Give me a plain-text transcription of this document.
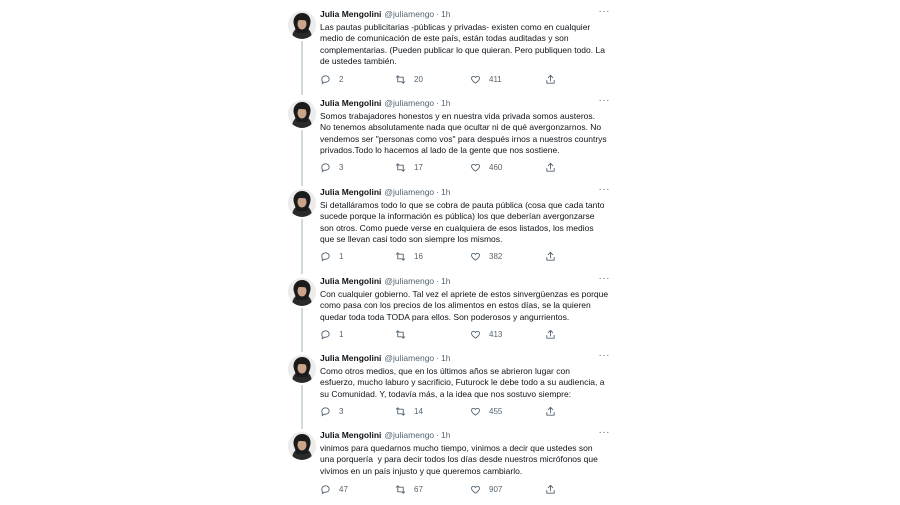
Julia Mengolini @juliamengo · 1h	···
Las pautas publicitarias -públicas y privadas- existen como en cualquier
medio de comunicación de este país, están todas auditadas y son
complementarias. (Pueden publicar lo que quieran. Pero publiquen todo. La
de ustedes también.
2	20	411
Julia Mengolini @juliamengo · 1h	···
Somos trabajadores honestos y en nuestra vida privada somos austeros.
No tenemos absolutamente nada que ocultar ni de qué avergonzarnos. No
vendemos ser "personas como vos" para después irnos a nuestros countrys
privados.Todo lo hacemos al lado de la gente que nos sostiene.
3	17	460
Julia Mengolini @juliamengo · 1h	···
Si detalláramos todo lo que se cobra de pauta pública (cosa que cada tanto
sucede porque la información es pública) los que deberían avergonzarse
son otros. Como puede verse en cualquiera de esos listados, los medios
que se llevan casi todo son siempre los mismos.
1	16	382
Julia Mengolini @juliamengo · 1h	···
Con cualquier gobierno. Tal vez el apriete de estos sinvergüenzas es porque
como pasa con los precios de los alimentos en estos días, se la quieren
quedar toda toda TODA para ellos. Son poderosos y angurrientos.
1	413
Julia Mengolini @juliamengo · 1h	···
Como otros medios, que en los últimos años se abrieron lugar con
esfuerzo, mucho laburo y sacrificio, Futurock le debe todo a su audiencia, a
su Comunidad. Y, todavía más, a la idea que nos sostuvo siempre:
3	14	455
Julia Mengolini @juliamengo · 1h	···
vinimos para quedarnos mucho tiempo, vinimos a decir que ustedes son
una porquería  y para decir todos los días desde nuestros micrófonos que
vivimos en un país injusto y que queremos cambiarlo.
47	67	907
